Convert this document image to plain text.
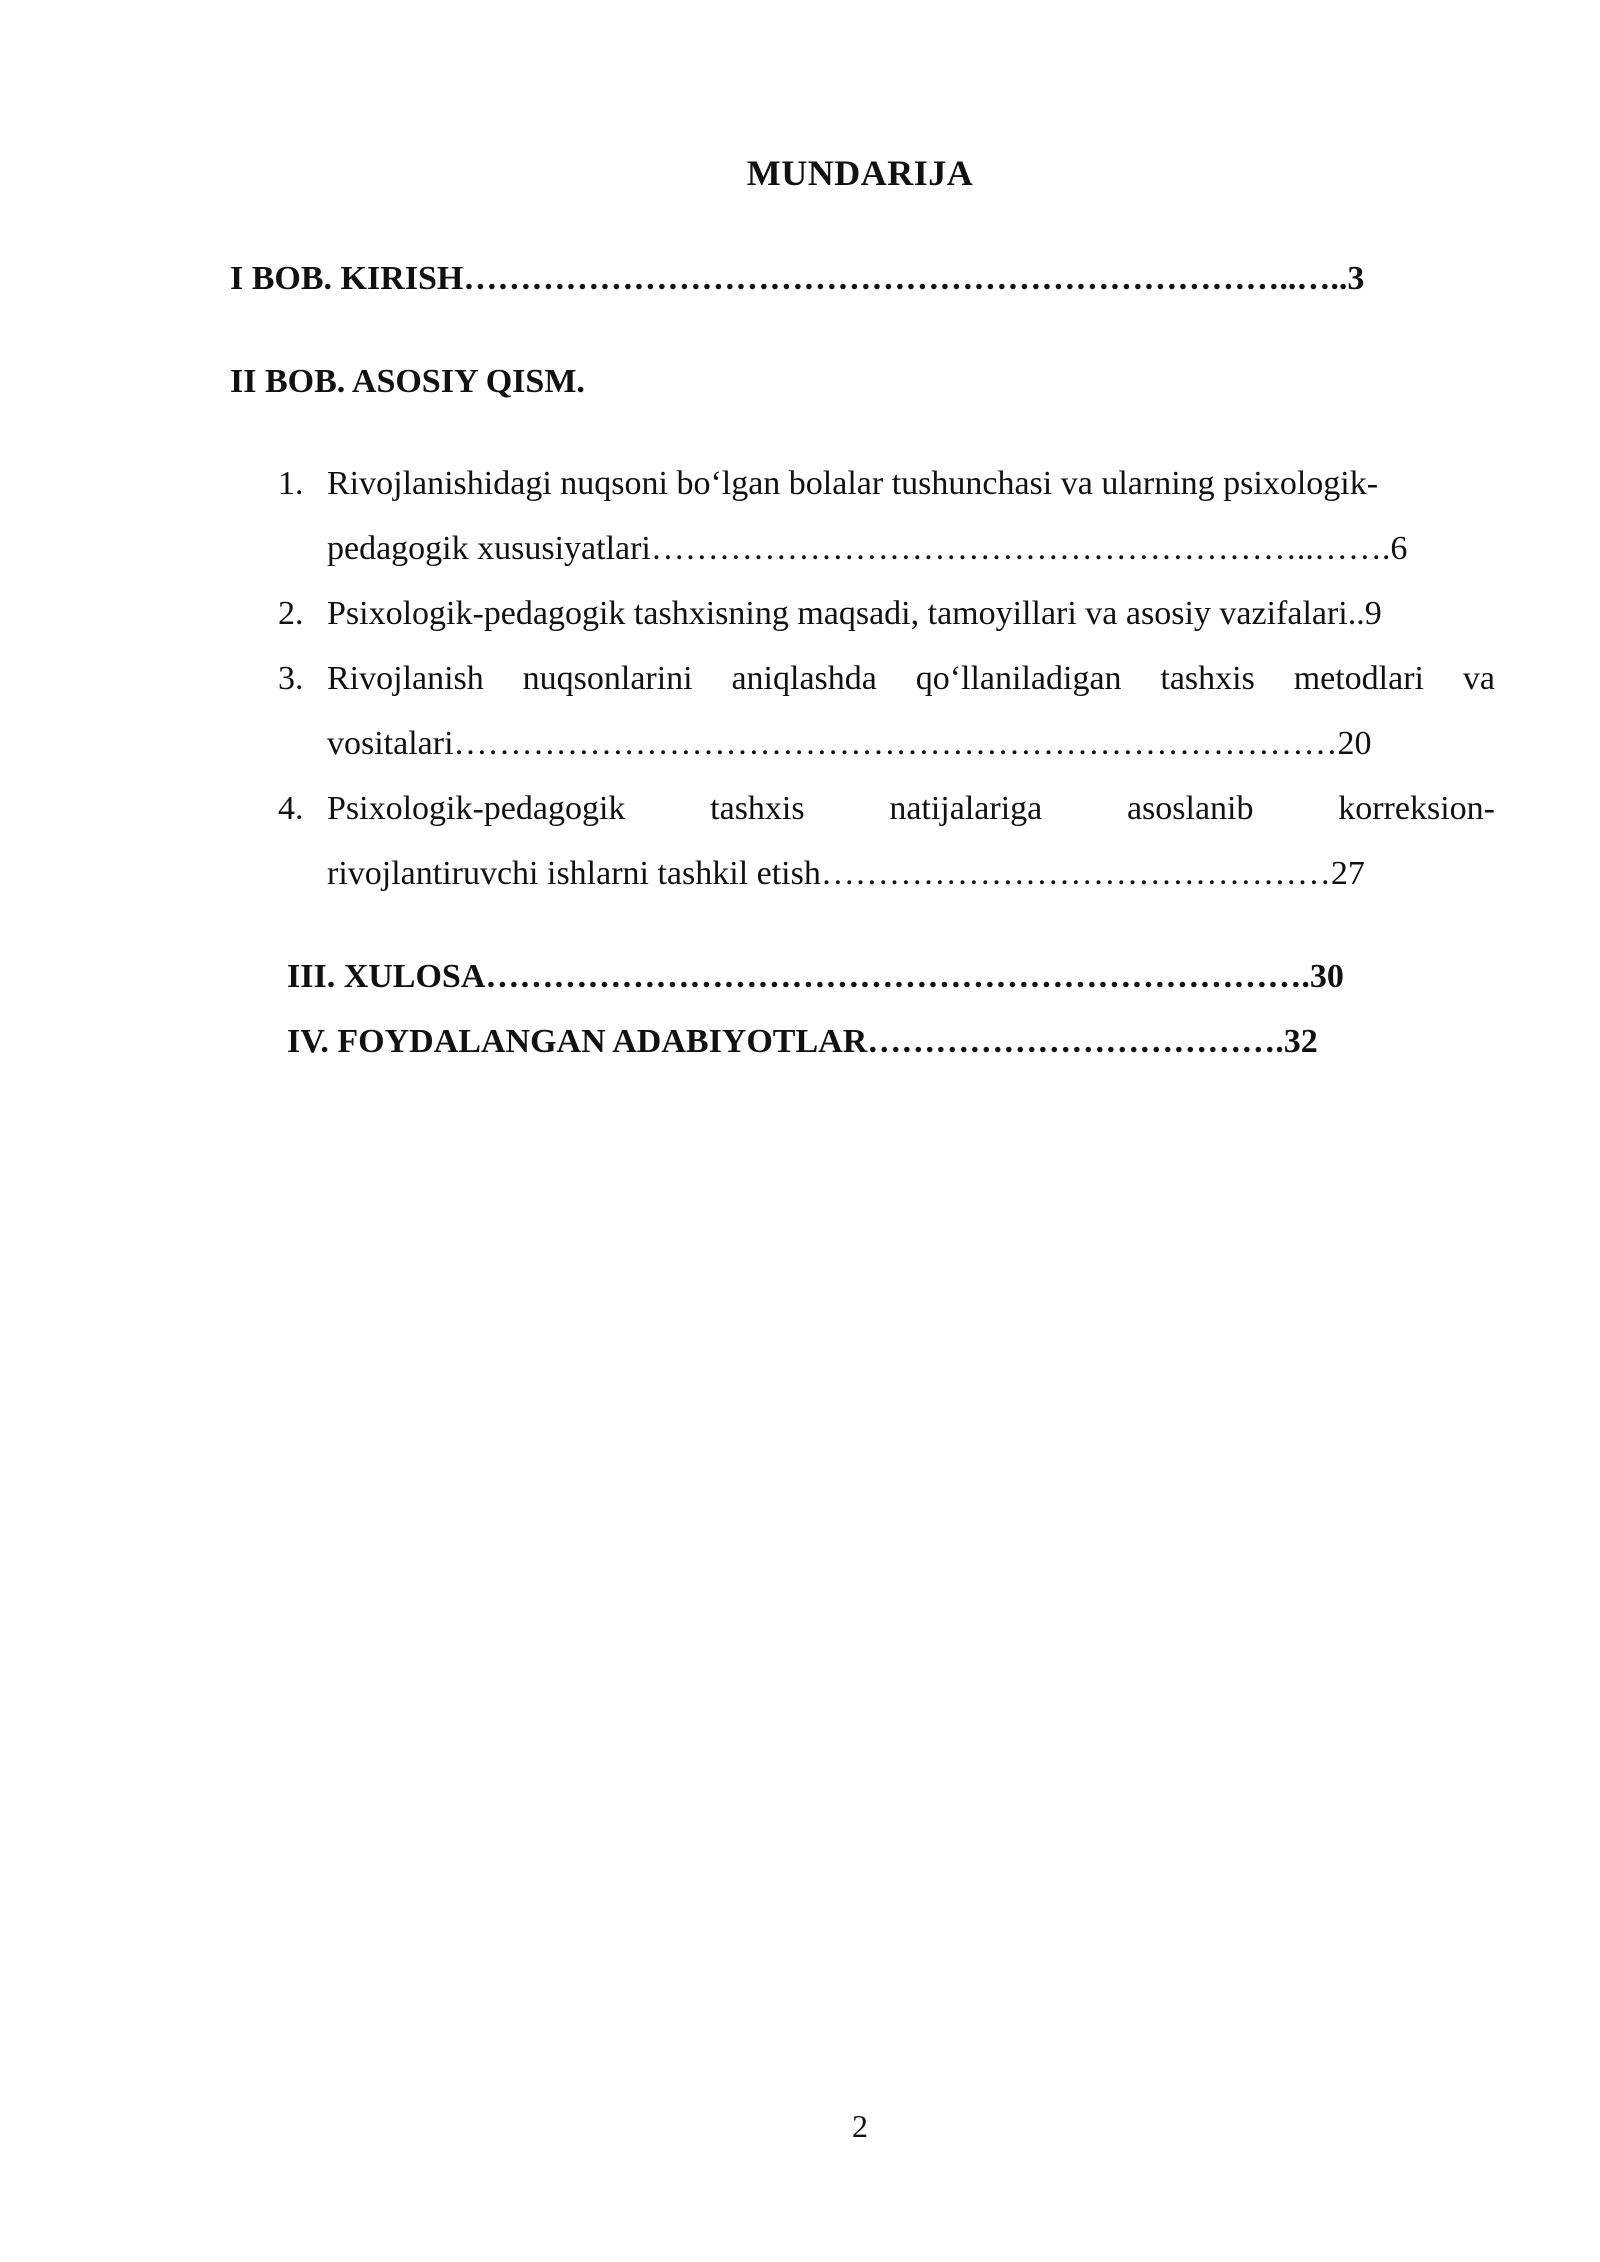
MUNDARIJA
I BOB. KIRISH………………………………………………………………..…..3
II BOB. ASOSIY QISM.
1. Rivojlanishidagi nuqsoni bo‘lgan bolalar tushunchasi va ularning psixologik-
pedagogik xususiyatlari…………………………………………………..…….6
2. Psixologik-pedagogik tashxisning maqsadi, tamoyillari va asosiy vazifalari..9
3. Rivojlanish nuqsonlarini aniqlashda qo‘llaniladigan tashxis metodlari va
vositalari……………………………………………………………………20
4. Psixologik-pedagogik tashxis natijalariga asoslanib korreksion-
rivojlantiruvchi ishlarni tashkil etish………………………………………27
III. XULOSA……………………………………………………………….30
IV. FOYDALANGAN ADABIYOTLAR……………………………….32
2
